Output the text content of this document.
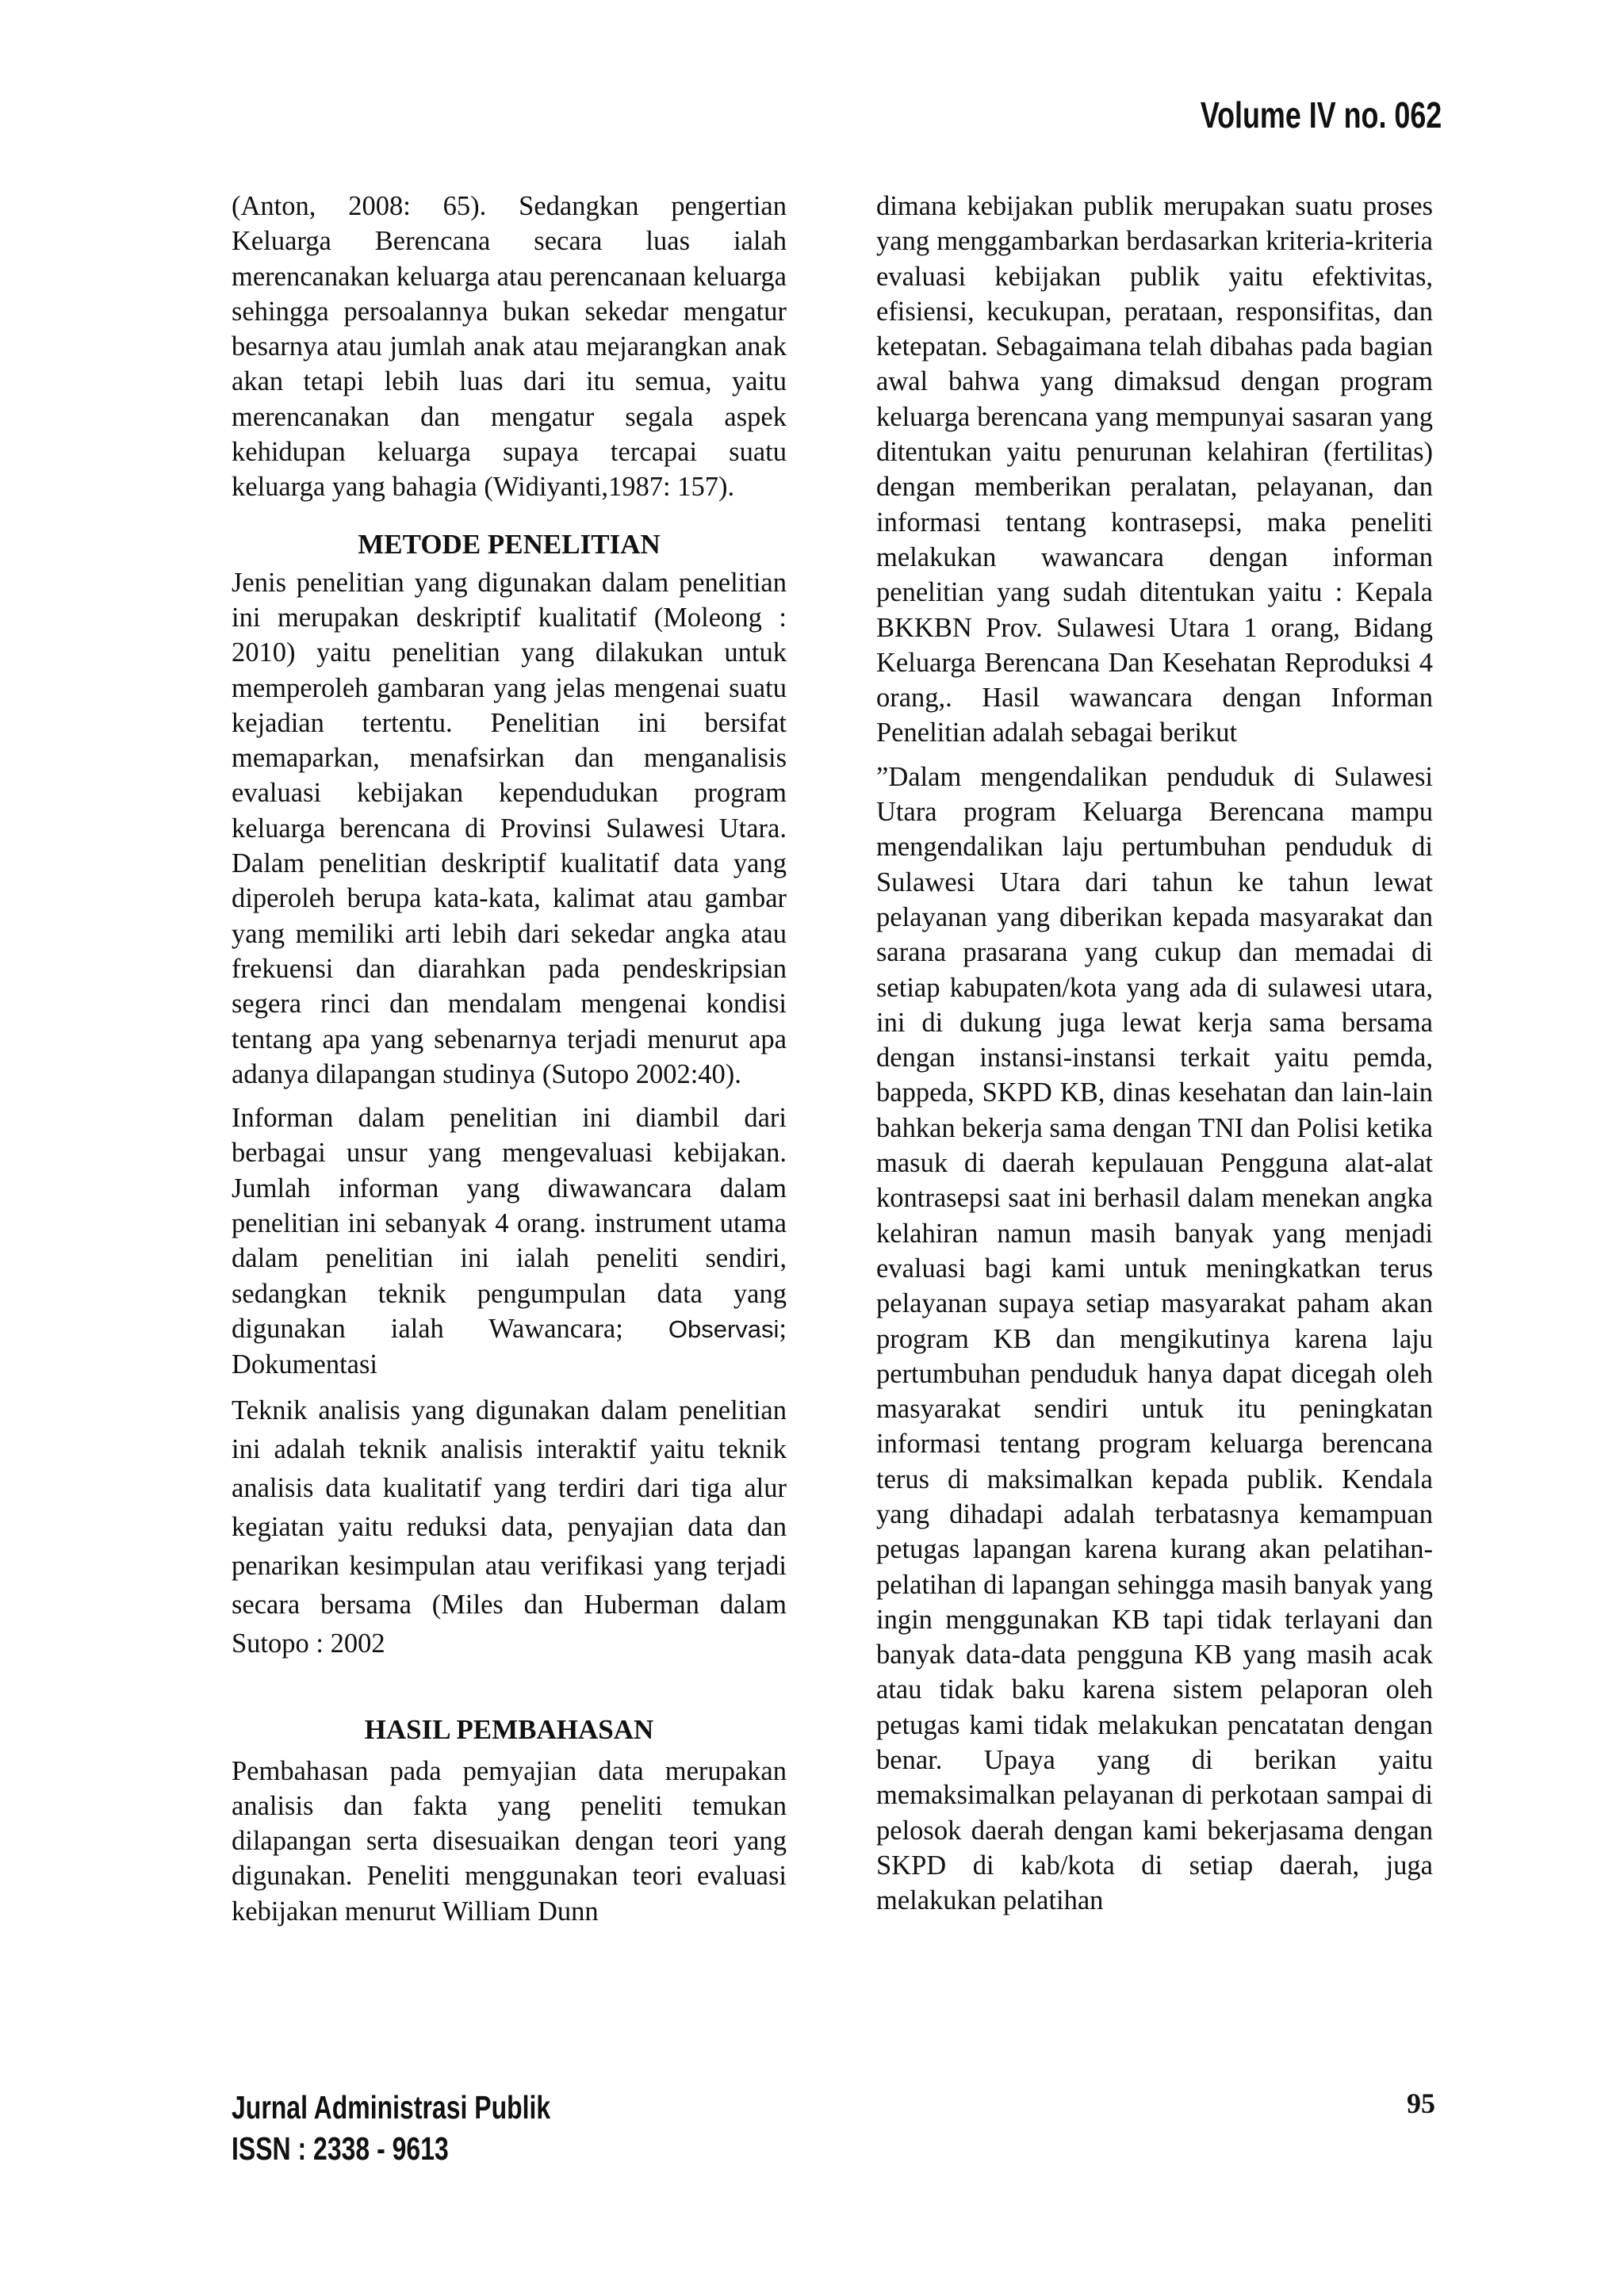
Volume IV no. 062

(Anton, 2008: 65). Sedangkan pengertian Keluarga Berencana secara luas ialah merencanakan keluarga atau perencanaan keluarga sehingga persoalannya bukan sekedar mengatur besarnya atau jumlah anak atau mejarangkan anak akan tetapi lebih luas dari itu semua, yaitu merencanakan dan mengatur segala aspek kehidupan keluarga supaya tercapai suatu keluarga yang bahagia (Widiyanti,1987: 157).

METODE PENELITIAN

Jenis penelitian yang digunakan dalam penelitian ini merupakan deskriptif kualitatif (Moleong : 2010) yaitu penelitian yang dilakukan untuk memperoleh gambaran yang jelas mengenai suatu kejadian tertentu. Penelitian ini bersifat memaparkan, menafsirkan dan menganalisis evaluasi kebijakan kependudukan program keluarga berencana di Provinsi Sulawesi Utara. Dalam penelitian deskriptif kualitatif data yang diperoleh berupa kata-kata, kalimat atau gambar yang memiliki arti lebih dari sekedar angka atau frekuensi dan diarahkan pada pendeskripsian segera rinci dan mendalam mengenai kondisi tentang apa yang sebenarnya terjadi menurut apa adanya dilapangan studinya (Sutopo 2002:40).

Informan dalam penelitian ini diambil dari berbagai unsur yang mengevaluasi kebijakan. Jumlah informan yang diwawancara dalam penelitian ini sebanyak 4 orang. instrument utama dalam penelitian ini ialah peneliti sendiri, sedangkan teknik pengumpulan data yang digunakan ialah Wawancara; Observasi; Dokumentasi

Teknik analisis yang digunakan dalam penelitian ini adalah teknik analisis interaktif yaitu teknik analisis data kualitatif yang terdiri dari tiga alur kegiatan yaitu reduksi data, penyajian data dan penarikan kesimpulan atau verifikasi yang terjadi secara bersama (Miles dan Huberman dalam Sutopo : 2002

HASIL PEMBAHASAN

Pembahasan pada pemyajian data merupakan analisis dan fakta yang peneliti temukan dilapangan serta disesuaikan dengan teori yang digunakan. Peneliti menggunakan teori evaluasi kebijakan menurut William Dunn

dimana kebijakan publik merupakan suatu proses yang menggambarkan berdasarkan kriteria-kriteria evaluasi kebijakan publik yaitu efektivitas, efisiensi, kecukupan, perataan, responsifitas, dan ketepatan. Sebagaimana telah dibahas pada bagian awal bahwa yang dimaksud dengan program keluarga berencana yang mempunyai sasaran yang ditentukan yaitu penurunan kelahiran (fertilitas) dengan memberikan peralatan, pelayanan, dan informasi tentang kontrasepsi, maka peneliti melakukan wawancara dengan informan penelitian yang sudah ditentukan yaitu : Kepala BKKBN Prov. Sulawesi Utara 1 orang, Bidang Keluarga Berencana Dan Kesehatan Reproduksi 4 orang,. Hasil wawancara dengan Informan Penelitian adalah sebagai berikut

”Dalam mengendalikan penduduk di Sulawesi Utara program Keluarga Berencana mampu mengendalikan laju pertumbuhan penduduk di Sulawesi Utara dari tahun ke tahun lewat pelayanan yang diberikan kepada masyarakat dan sarana prasarana yang cukup dan memadai di setiap kabupaten/kota yang ada di sulawesi utara, ini di dukung juga lewat kerja sama bersama dengan instansi-instansi terkait yaitu pemda, bappeda, SKPD KB, dinas kesehatan dan lain-lain bahkan bekerja sama dengan TNI dan Polisi ketika masuk di daerah kepulauan Pengguna alat-alat kontrasepsi saat ini berhasil dalam menekan angka kelahiran namun masih banyak yang menjadi evaluasi bagi kami untuk meningkatkan terus pelayanan supaya setiap masyarakat paham akan program KB dan mengikutinya karena laju pertumbuhan penduduk hanya dapat dicegah oleh masyarakat sendiri untuk itu peningkatan informasi tentang program keluarga berencana terus di maksimalkan kepada publik. Kendala yang dihadapi adalah terbatasnya kemampuan petugas lapangan karena kurang akan pelatihan-pelatihan di lapangan sehingga masih banyak yang ingin menggunakan KB tapi tidak terlayani dan banyak data-data pengguna KB yang masih acak atau tidak baku karena sistem pelaporan oleh petugas kami tidak melakukan pencatatan dengan benar. Upaya yang di berikan yaitu memaksimalkan pelayanan di perkotaan sampai di pelosok daerah dengan kami bekerjasama dengan SKPD di kab/kota di setiap daerah, juga melakukan pelatihan

Jurnal Administrasi Publik
ISSN : 2338 - 9613
95
